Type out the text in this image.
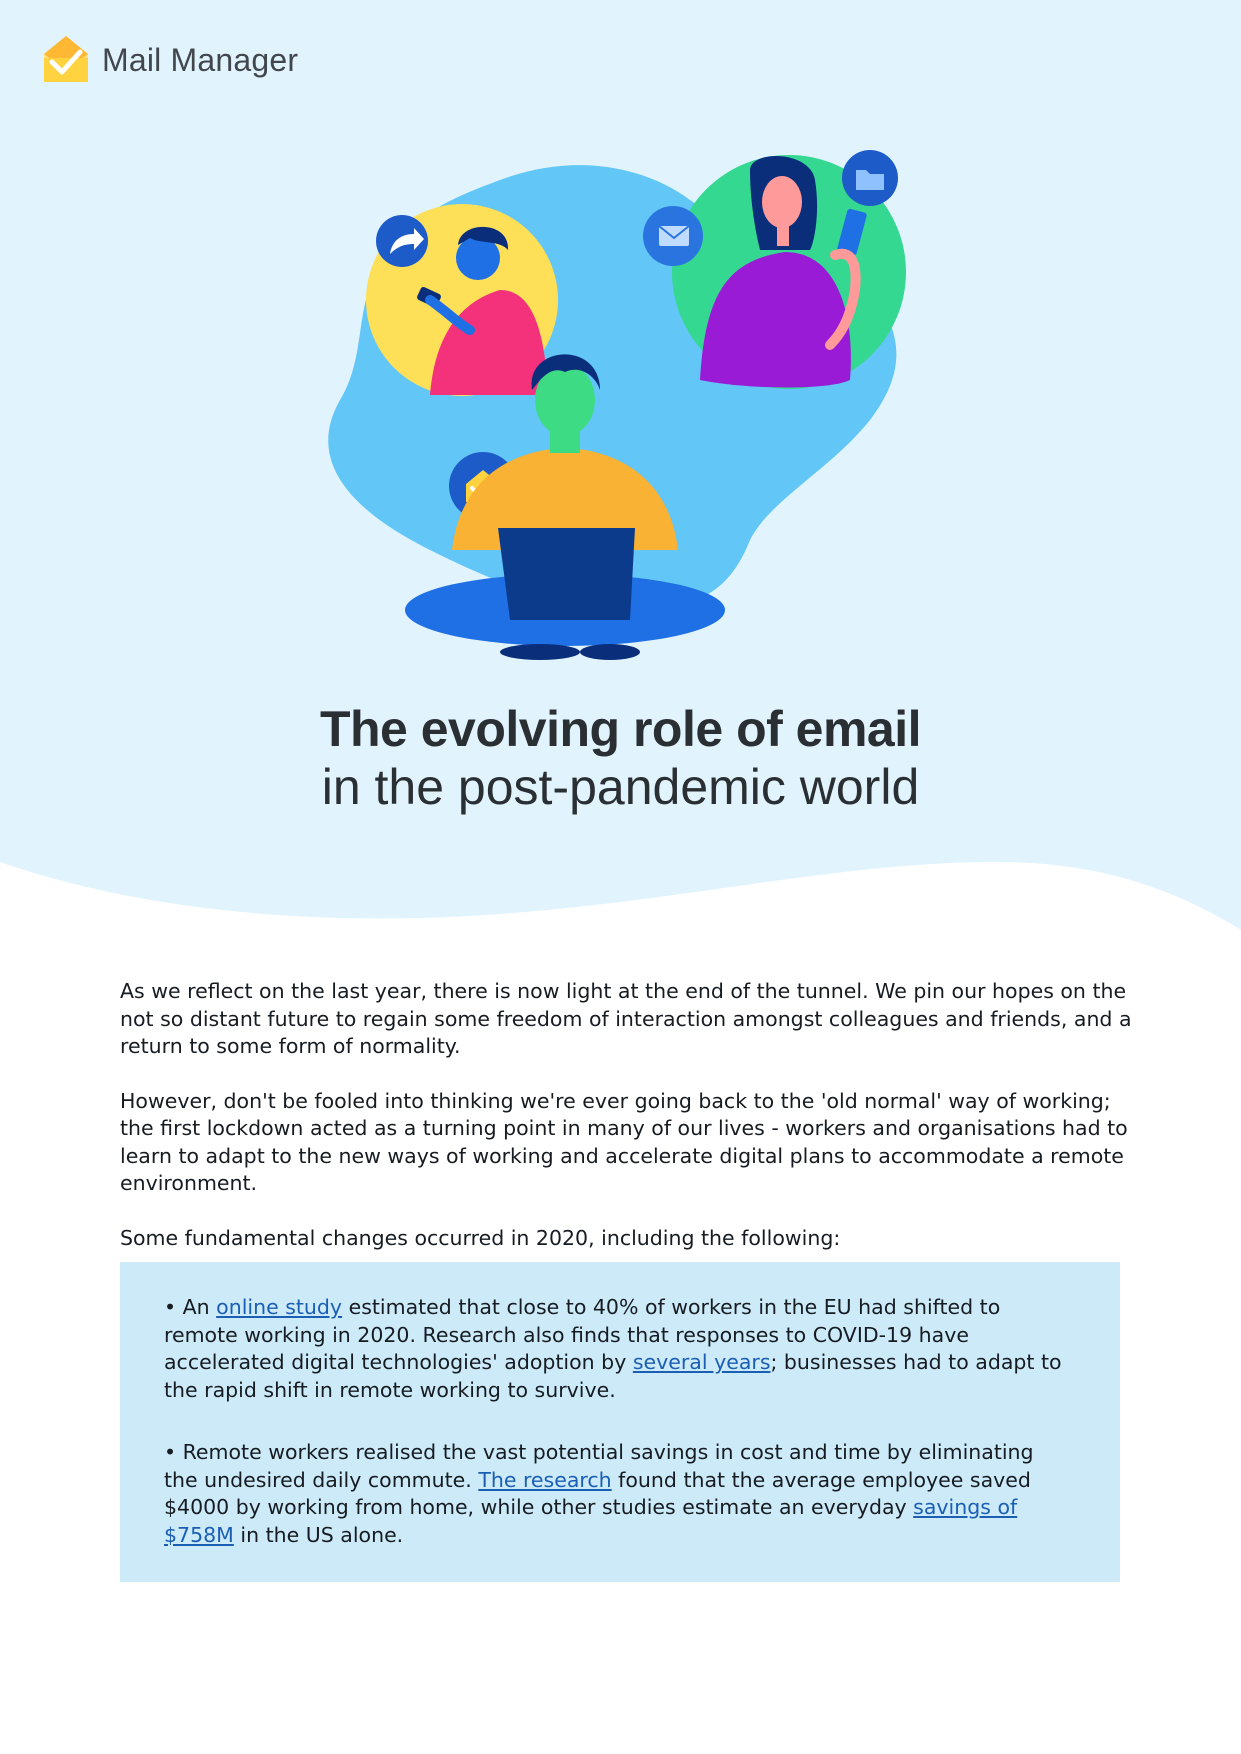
Mail Manager
The evolving role of email
in the post-pandemic world

As we reflect on the last year, there is now light at the end of the tunnel. We pin our hopes on the not so distant future to regain some freedom of interaction amongst colleagues and friends, and a return to some form of normality.

However, don't be fooled into thinking we're ever going back to the 'old normal' way of working; the first lockdown acted as a turning point in many of our lives - workers and organisations had to learn to adapt to the new ways of working and accelerate digital plans to accommodate a remote environment.

Some fundamental changes occurred in 2020, including the following:

• An online study estimated that close to 40% of workers in the EU had shifted to remote working in 2020. Research also finds that responses to COVID-19 have accelerated digital technologies' adoption by several years; businesses had to adapt to the rapid shift in remote working to survive.

• Remote workers realised the vast potential savings in cost and time by eliminating the undesired daily commute. The research found that the average employee saved $4000 by working from home, while other studies estimate an everyday savings of $758M in the US alone.
